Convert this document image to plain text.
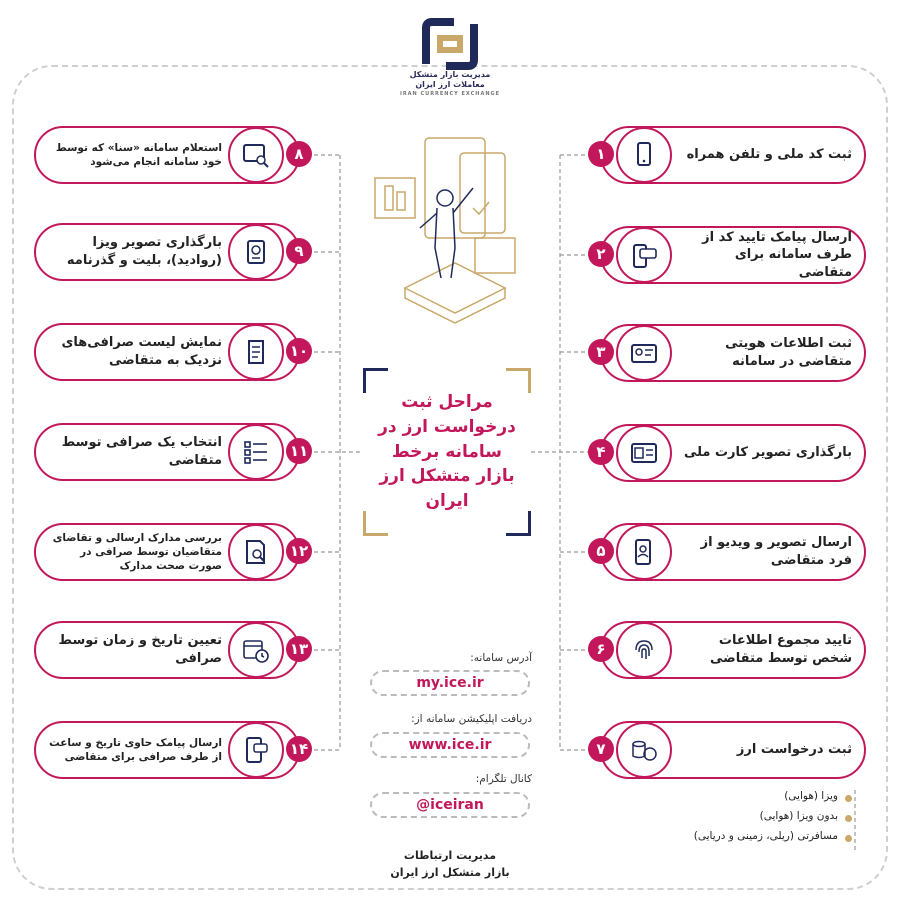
مدیریت بازار متشکل
معاملات ارز ایران
IRAN CURRENCY EXCHANGE
۱	ثبت کد ملی و تلفن همراه
۲
ارسال پیامک تایید کد از طرف سامانه برای متقاضی
۳	ثبت اطلاعات هویتی متقاضی در سامانه
۴	بارگذاری تصویر کارت ملی
۵	ارسال تصویر و ویدیو از فرد متقاضی
۶	تایید مجموع اطلاعات شخص توسط متقاضی
۷	ثبت درخواست ارز
۸
استعلام سامانه «سنا» که توسط خود سامانه انجام می‌شود
۹
بارگذاری تصویر ویزا (روادید)، بلیت و گذرنامه
۱۰
نمایش لیست صرافی‌های نزدیک به متقاضی
۱۱
انتخاب یک صرافی توسط متقاضی
۱۲
بررسی مدارک ارسالی و تقاضای متقاضیان توسط صرافی در صورت صحت مدارک
۱۳
تعیین تاریخ و زمان توسط صرافی
۱۴
ارسال پیامک حاوی تاریخ و ساعت از طرف صرافی برای متقاضی
مراحل ثبت درخواست ارز در سامانه برخط بازار متشکل ارز ایران
آدرس سامانه:
my.ice.ir
دریافت اپلیکیشن سامانه از:
www.ice.ir
کانال تلگرام:
@iceiran
ویزا (هوایی)
بدون ویزا (هوایی)
مسافرتی (ریلی، زمینی و دریایی)
مدیریت ارتباطات
بازار متشکل ارز ایران
